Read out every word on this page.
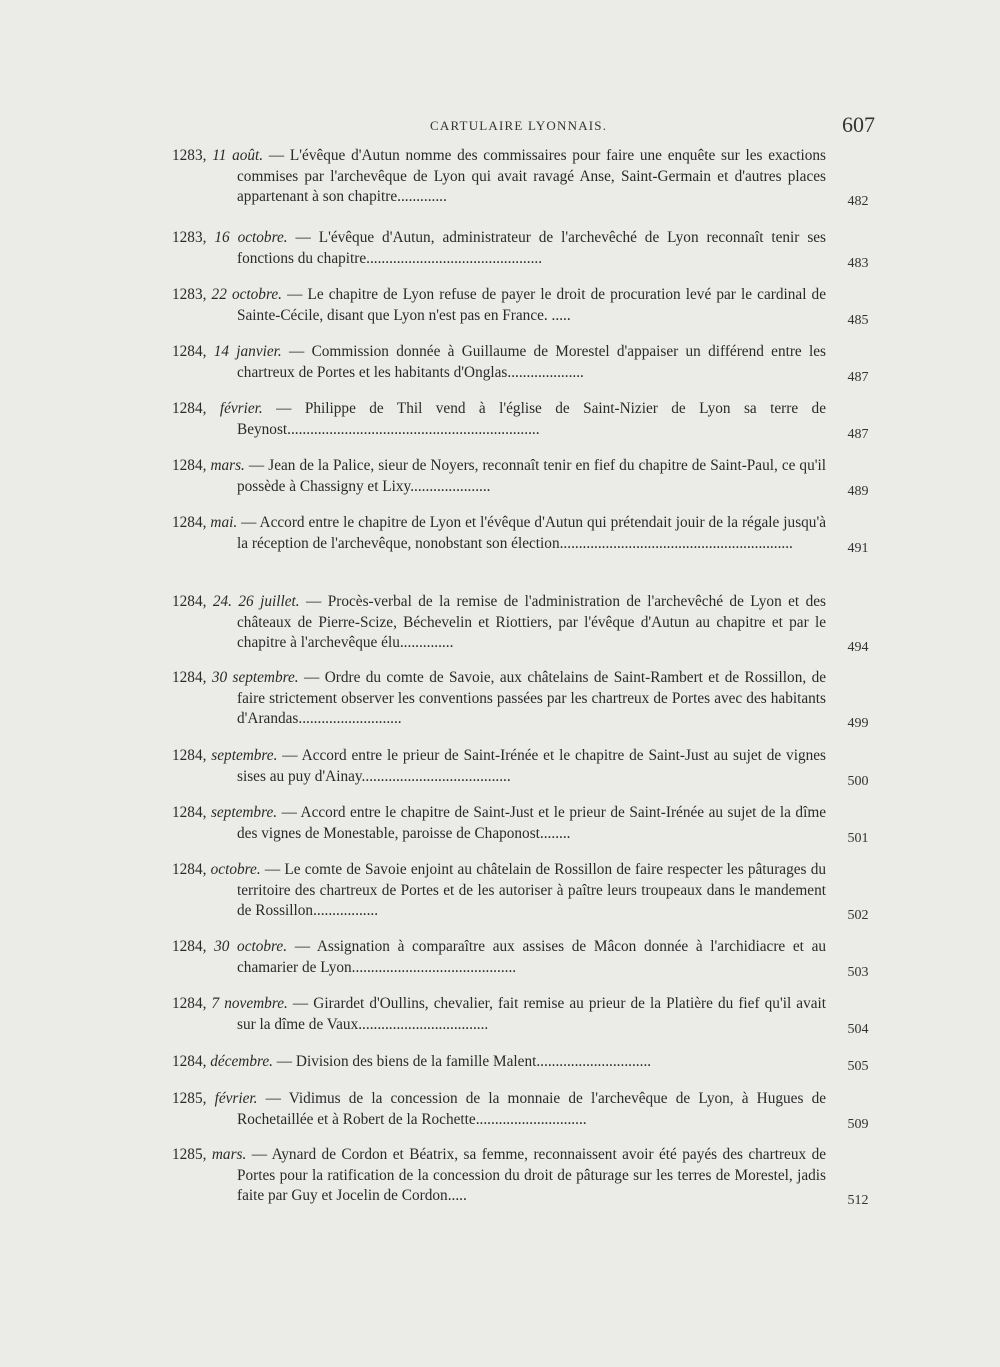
CARTULAIRE LYONNAIS.	607
1283, 11 août. — L'évêque d'Autun nomme des commissaires pour faire une enquête sur les exactions commises par l'archevêque de Lyon qui avait ravagé Anse, Saint-Germain et d'autres places appartenant à son chapitre.............	482
1283, 16 octobre. — L'évêque d'Autun, administrateur de l'archevêché de Lyon reconnaît tenir ses fonctions du chapitre..............................................	483
1283, 22 octobre. — Le chapitre de Lyon refuse de payer le droit de procuration levé par le cardinal de Sainte-Cécile, disant que Lyon n'est pas en France. .....	485
1284, 14 janvier. — Commission donnée à Guillaume de Morestel d'appaiser un différend entre les chartreux de Portes et les habitants d'Onglas....................	487
1284, février. — Philippe de Thil vend à l'église de Saint-Nizier de Lyon sa terre de Beynost..................................................................	487
1284, mars. — Jean de la Palice, sieur de Noyers, reconnaît tenir en fief du chapitre de Saint-Paul, ce qu'il possède à Chassigny et Lixy.....................	489
1284, mai. — Accord entre le chapitre de Lyon et l'évêque d'Autun qui prétendait jouir de la régale jusqu'à la réception de l'archevêque, nonobstant son élection.............................................................	491
1284, 24. 26 juillet. — Procès-verbal de la remise de l'administration de l'archevêché de Lyon et des châteaux de Pierre-Scize, Béchevelin et Riottiers, par l'évêque d'Autun au chapitre et par le chapitre à l'archevêque élu..............	494
1284, 30 septembre. — Ordre du comte de Savoie, aux châtelains de Saint-Rambert et de Rossillon, de faire strictement observer les conventions passées par les chartreux de Portes avec des habitants d'Arandas...........................	499
1284, septembre. — Accord entre le prieur de Saint-Irénée et le chapitre de Saint-Just au sujet de vignes sises au puy d'Ainay.......................................	500
1284, septembre. — Accord entre le chapitre de Saint-Just et le prieur de Saint-Irénée au sujet de la dîme des vignes de Monestable, paroisse de Chaponost........	501
1284, octobre. — Le comte de Savoie enjoint au châtelain de Rossillon de faire respecter les pâturages du territoire des chartreux de Portes et de les autoriser à paître leurs troupeaux dans le mandement de Rossillon.................	502
1284, 30 octobre. — Assignation à comparaître aux assises de Mâcon donnée à l'archidiacre et au chamarier de Lyon...........................................	503
1284, 7 novembre. — Girardet d'Oullins, chevalier, fait remise au prieur de la Platière du fief qu'il avait sur la dîme de Vaux..................................	504
1284, décembre. — Division des biens de la famille Malent..............................	505
1285, février. — Vidimus de la concession de la monnaie de l'archevêque de Lyon, à Hugues de Rochetaillée et à Robert de la Rochette.............................	509
1285, mars. — Aynard de Cordon et Béatrix, sa femme, reconnaissent avoir été payés des chartreux de Portes pour la ratification de la concession du droit de pâturage sur les terres de Morestel, jadis faite par Guy et Jocelin de Cordon.....	512
